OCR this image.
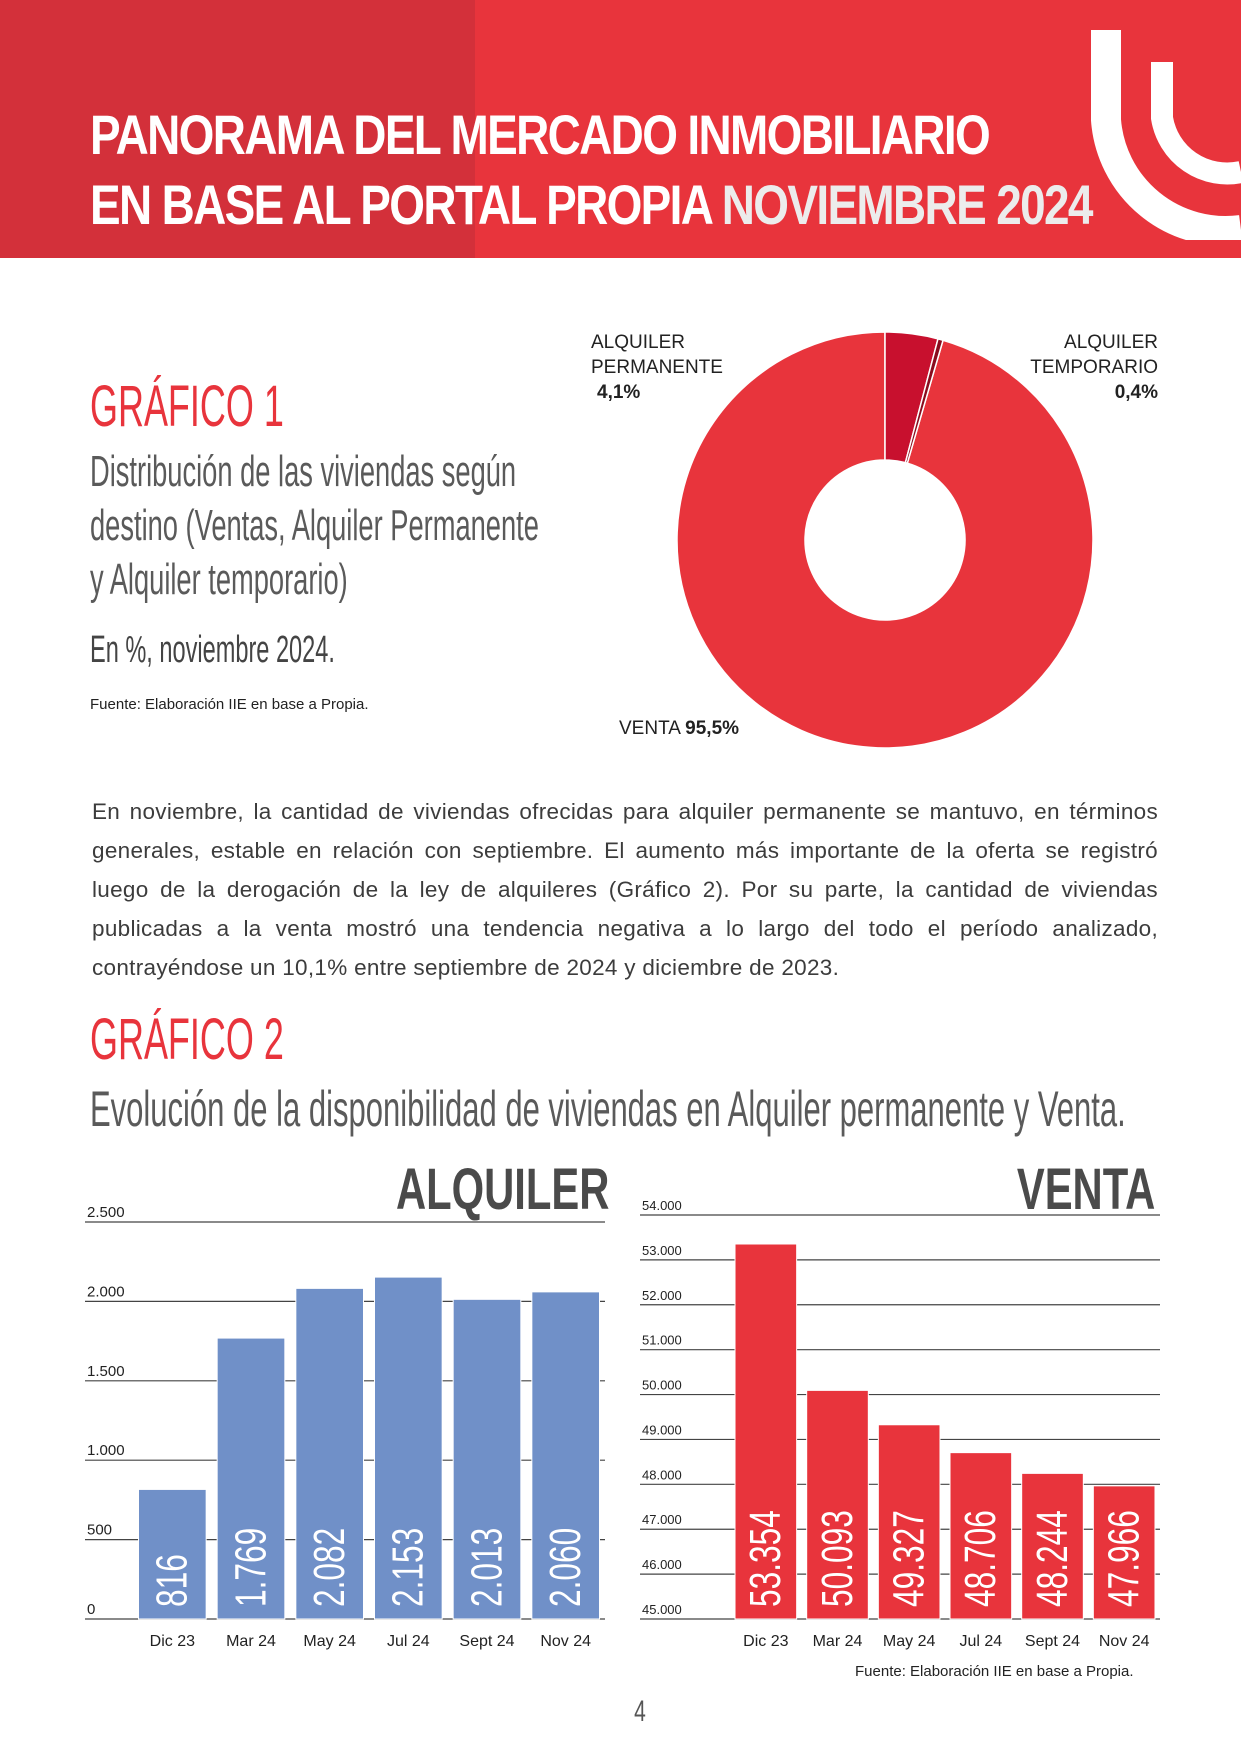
PANORAMA DEL MERCADO INMOBILIARIO
EN BASE AL PORTAL PROPIA NOVIEMBRE 2024
GRÁFICO 1
Distribución de las viviendas según
destino (Ventas, Alquiler Permanente
y Alquiler temporario)
En %, noviembre 2024.
Fuente: Elaboración IIE en base a Propia.
ALQUILER
PERMANENTE
4,1%
ALQUILER
TEMPORARIO
0,4%
VENTA 95,5%
En noviembre, la cantidad de viviendas ofrecidas para alquiler permanente se mantuvo, en términos generales, estable en relación con septiembre. El aumento más importante de la oferta se registró luego de la derogación de la ley de alquileres (Gráfico 2). Por su parte, la cantidad de viviendas publicadas a la venta mostró una tendencia negativa a lo largo del todo el período analizado, contrayéndose un 10,1% entre septiembre de 2024 y diciembre de 2023.
GRÁFICO 2
Evolución de la disponibilidad de viviendas en Alquiler permanente y Venta.
ALQUILER	VENTA
0
500
1.000
1.500
2.000
2.500
816
Dic 23
1.769
Mar 24
2.082
May 24
2.153
Jul 24
2.013
Sept 24
2.060
Nov 24
45.000
46.000
47.000
48.000
49.000
50.000
51.000
52.000
53.000
54.000
53.354
Dic 23
50.093
Mar 24
49.327
May 24
48.706
Jul 24
48.244
Sept 24
47.966
Nov 24
Fuente: Elaboración IIE en base a Propia.
4
